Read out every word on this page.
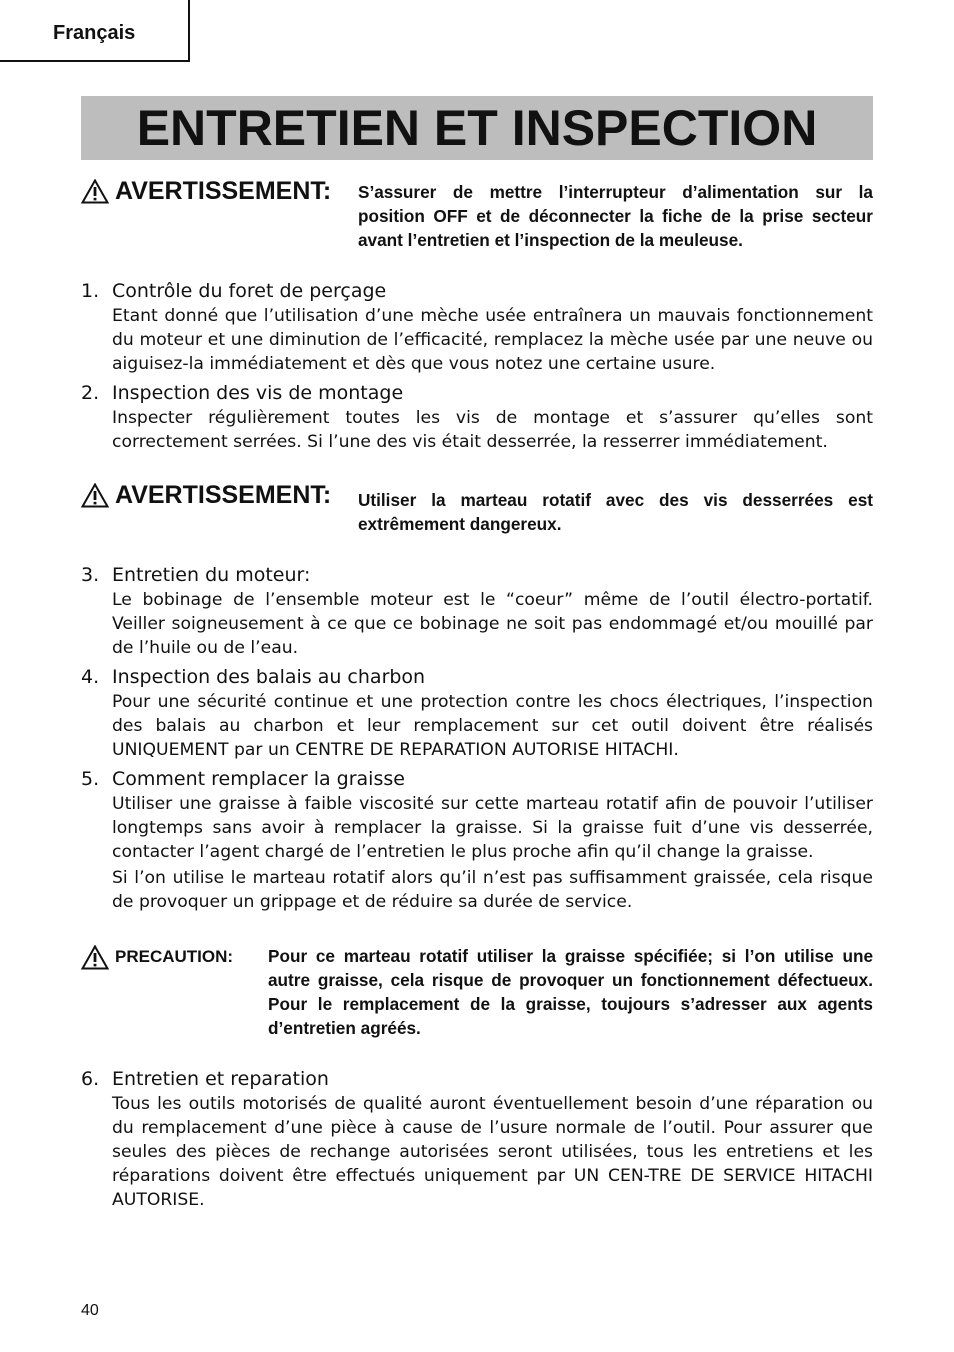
Français
ENTRETIEN ET INSPECTION
AVERTISSEMENT: S’assurer de mettre l’interrupteur d’alimentation sur la position OFF et de déconnecter la fiche de la prise secteur avant l’entretien et l’inspection de la meuleuse.
1. Contrôle du foret de perçage

Etant donné que l’utilisation d’une mèche usée entraînera un mauvais fonctionnement du moteur et une diminution de l’efficacité, remplacez la mèche usée par une neuve ou aiguisez-la immédiatement et dès que vous notez une certaine usure.

2. Inspection des vis de montage

Inspecter régulièrement toutes les vis de montage et s’assurer qu’elles sont correctement serrées. Si l’une des vis était desserrée, la resserrer immédiatement.

AVERTISSEMENT: Utiliser la marteau rotatif avec des vis desserrées est extrêmement dangereux.
3. Entretien du moteur:

Le bobinage de l’ensemble moteur est le “coeur” même de l’outil électro-portatif. Veiller soigneusement à ce que ce bobinage ne soit pas endommagé et/ou mouillé par de l’huile ou de l’eau.

4. Inspection des balais au charbon

Pour une sécurité continue et une protection contre les chocs électriques, l’inspection des balais au charbon et leur remplacement sur cet outil doivent être réalisés UNIQUEMENT par un CENTRE DE REPARATION AUTORISE HITACHI.

5. Comment remplacer la graisse

Utiliser une graisse à faible viscosité sur cette marteau rotatif afin de pouvoir l’utiliser longtemps sans avoir à remplacer la graisse. Si la graisse fuit d’une vis desserrée, contacter l’agent chargé de l’entretien le plus proche afin qu’il change la graisse.

Si l’on utilise le marteau rotatif alors qu’il n’est pas suffisamment graissée, cela risque de provoquer un grippage et de réduire sa durée de service.

PRECAUTION: Pour ce marteau rotatif utiliser la graisse spécifiée; si l’on utilise une autre graisse, cela risque de provoquer un fonctionnement défectueux. Pour le remplacement de la graisse, toujours s’adresser aux agents d’entretien agréés.
6. Entretien et reparation

Tous les outils motorisés de qualité auront éventuellement besoin d’une réparation ou du remplacement d’une pièce à cause de l’usure normale de l’outil. Pour assurer que seules des pièces de rechange autorisées seront utilisées, tous les entretiens et les réparations doivent être effectués uniquement par UN CEN-TRE DE SERVICE HITACHI AUTORISE.

40
